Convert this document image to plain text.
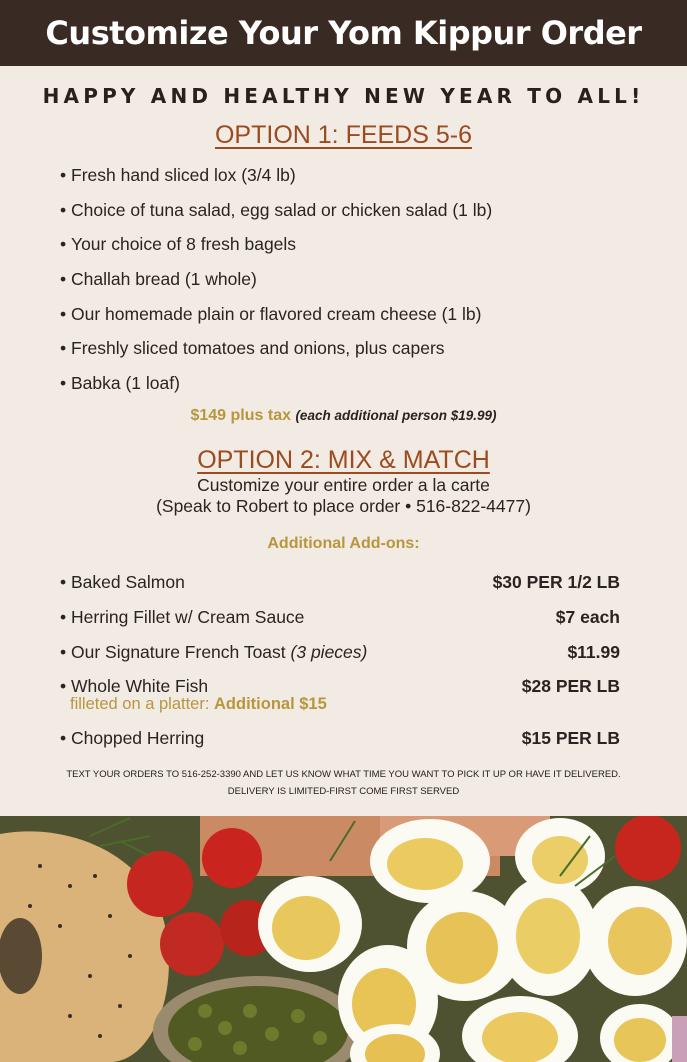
Customize Your Yom Kippur Order
HAPPY AND HEALTHY NEW YEAR TO ALL!
OPTION 1: FEEDS 5-6
• Fresh hand sliced lox (3/4 lb)
• Choice of tuna salad, egg salad or chicken salad (1 lb)
• Your choice of 8 fresh bagels
• Challah bread (1 whole)
• Our homemade plain or flavored cream cheese (1 lb)
• Freshly sliced tomatoes and onions, plus capers
• Babka (1 loaf)
$149 plus tax (each additional person $19.99)
OPTION 2: MIX & MATCH
Customize your entire order a la carte
(Speak to Robert to place order • 516-822-4477)
Additional Add-ons:
• Baked Salmon	$30 PER 1/2 LB
• Herring Fillet w/ Cream Sauce	$7 each
• Our Signature French Toast (3 pieces)	$11.99
• Whole White Fish	$28 PER LB
filleted on a platter: Additional $15
• Chopped Herring	$15 PER LB
TEXT YOUR ORDERS TO 516-252-3390 AND LET US KNOW WHAT TIME YOU WANT TO PICK IT UP OR HAVE IT DELIVERED.
DELIVERY IS LIMITED-FIRST COME FIRST SERVED
